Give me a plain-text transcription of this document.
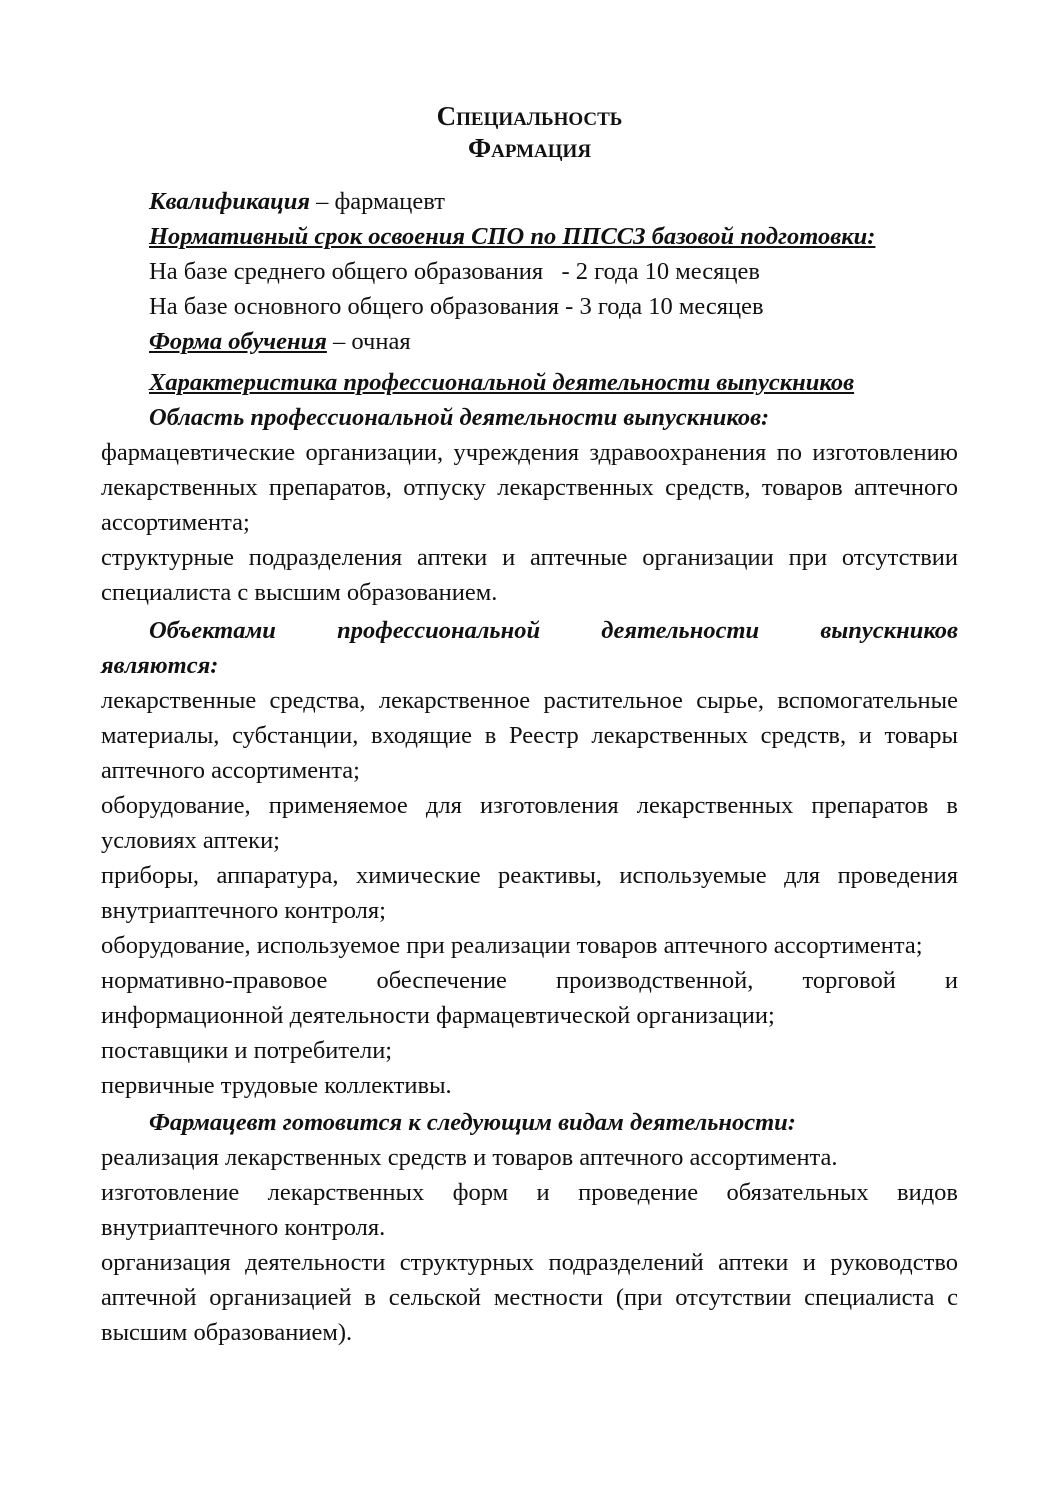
Специальность

Фармация

Квалификация – фармацевт

Нормативный срок освоения СПО по ППССЗ базовой подготовки:

На базе среднего общего образования   - 2 года 10 месяцев

На базе основного общего образования - 3 года 10 месяцев

Форма обучения – очная

Характеристика профессиональной деятельности выпускников

Область профессиональной деятельности выпускников:

фармацевтические организации, учреждения здравоохранения по изготовлению лекарственных препаратов, отпуску лекарственных средств, товаров аптечного ассортимента;

структурные подразделения аптеки и аптечные организации при отсутствии специалиста с высшим образованием.

Объектами профессиональной деятельности выпускников

являются:

лекарственные средства, лекарственное растительное сырье, вспомогательные материалы, субстанции, входящие в Реестр лекарственных средств, и товары аптечного ассортимента;

оборудование, применяемое для изготовления лекарственных препаратов в условиях аптеки;

приборы, аппаратура, химические реактивы, используемые для проведения внутриаптечного контроля;

оборудование, используемое при реализации товаров аптечного ассортимента;

нормативно-правовое обеспечение производственной, торговой и информационной деятельности фармацевтической организации;

поставщики и потребители;

первичные трудовые коллективы.

Фармацевт готовится к следующим видам деятельности:

реализация лекарственных средств и товаров аптечного ассортимента.

изготовление лекарственных форм и проведение обязательных видов внутриаптечного контроля.

организация деятельности структурных подразделений аптеки и руководство аптечной организацией в сельской местности (при отсутствии специалиста с высшим образованием).
